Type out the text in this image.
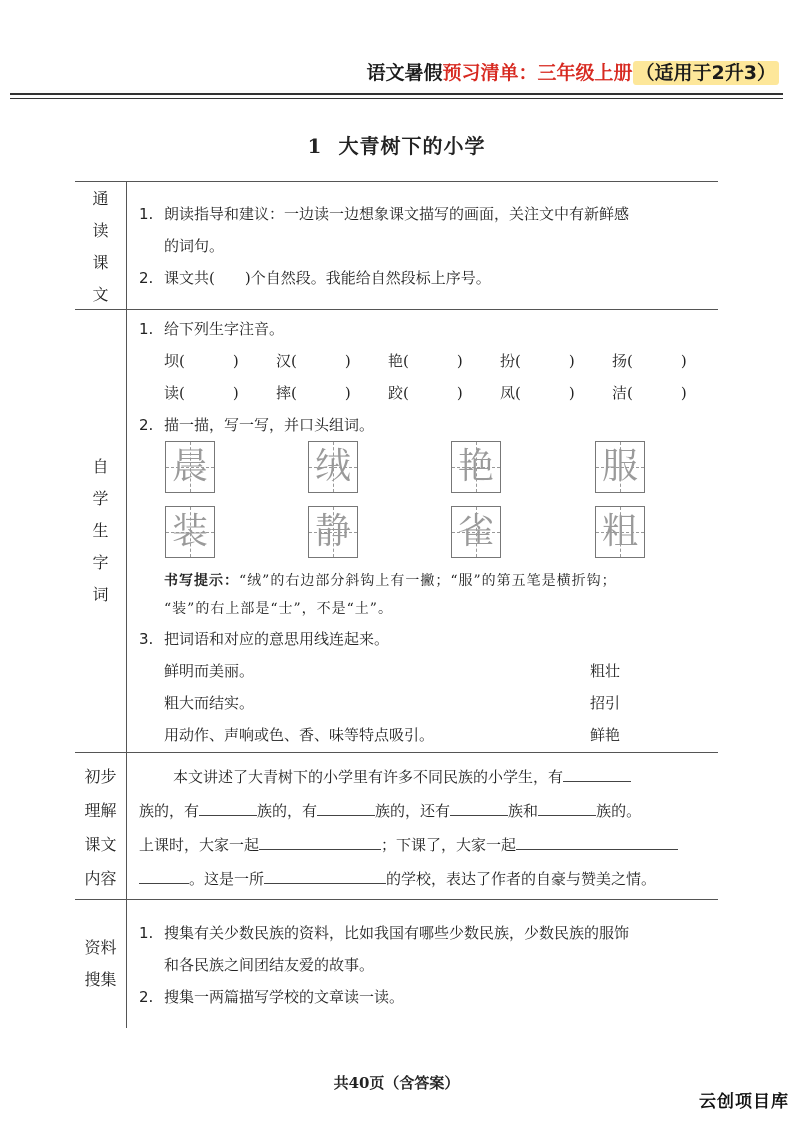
语文暑假预习清单：三年级上册 （适用于2升3）
1 大青树下的小学
通
读
课
文
1. 朗读指导和建议：一边读一边想象课文描写的画面，关注文中有新鲜感
的词句。
2. 课文共(　　)个自然段。我能给自然段标上序号。
自
学
生
字
词
1. 给下列生字注音。
坝(	)	汉(	)	艳(	)	扮(	)	扬(	)
读(	)	摔(	)	跤(	)	凤(	)	洁(	)
2. 描一描，写一写，并口头组词。
晨	绒	艳	服
装	静	雀	粗
书写提示：“绒”的右边部分斜钩上有一撇；“服”的第五笔是横折钩；
“装”的右上部是“士”，不是“土”。
3. 把词语和对应的意思用线连起来。
鲜明而美丽。	粗壮
粗大而结实。	招引
用动作、声响或色、香、味等特点吸引。	鲜艳
初步
理解
课文
内容
本文讲述了大青树下的小学里有许多不同民族的小学生，有
族的，有	族的，有	族的，还有	族和	族的。
上课时，大家一起	；下课了，大家一起
。这是一所	的学校，表达了作者的自豪与赞美之情。
资料
搜集
1. 搜集有关少数民族的资料，比如我国有哪些少数民族，少数民族的服饰
和各民族之间团结友爱的故事。
2. 搜集一两篇描写学校的文章读一读。
共40页（含答案）
云创项目库
